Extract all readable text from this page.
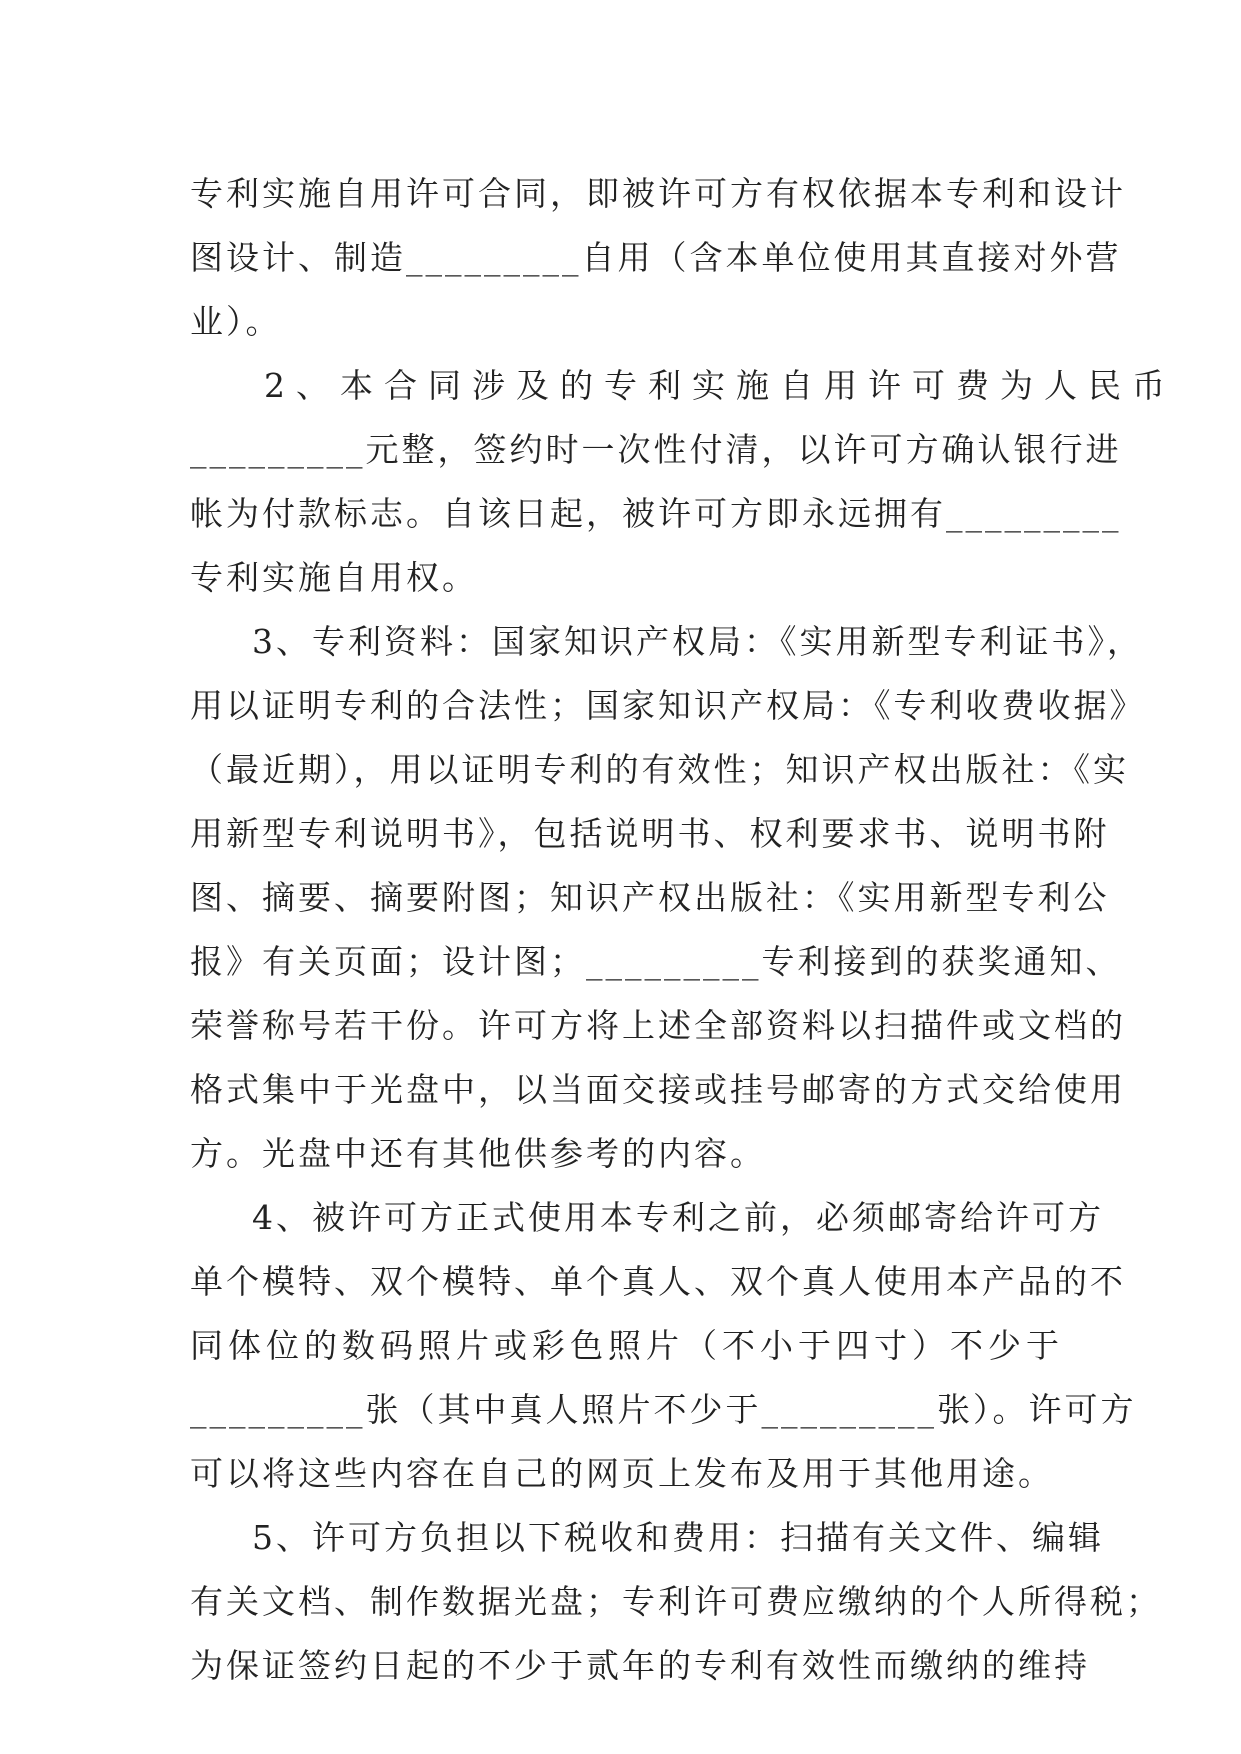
专利实施自用许可合同，即被许可方有权依据本专利和设计
图设计、制造_________自用（含本单位使用其直接对外营
业）。
2、本合同涉及的专利实施自用许可费为人民币
_________元整，签约时一次性付清，以许可方确认银行进
帐为付款标志。自该日起，被许可方即永远拥有_________
专利实施自用权。
3、专利资料：国家知识产权局：《实用新型专利证书》，
用以证明专利的合法性；国家知识产权局：《专利收费收据》
（最近期），用以证明专利的有效性；知识产权出版社：《实
用新型专利说明书》，包括说明书、权利要求书、说明书附
图、摘要、摘要附图；知识产权出版社：《实用新型专利公
报》有关页面；设计图；_________专利接到的获奖通知、
荣誉称号若干份。许可方将上述全部资料以扫描件或文档的
格式集中于光盘中，以当面交接或挂号邮寄的方式交给使用
方。光盘中还有其他供参考的内容。
4、被许可方正式使用本专利之前，必须邮寄给许可方
单个模特、双个模特、单个真人、双个真人使用本产品的不
同体位的数码照片或彩色照片（不小于四寸）不少于
_________张（其中真人照片不少于_________张）。许可方
可以将这些内容在自己的网页上发布及用于其他用途。
5、许可方负担以下税收和费用：扫描有关文件、编辑
有关文档、制作数据光盘；专利许可费应缴纳的个人所得税；
为保证签约日起的不少于贰年的专利有效性而缴纳的维持
